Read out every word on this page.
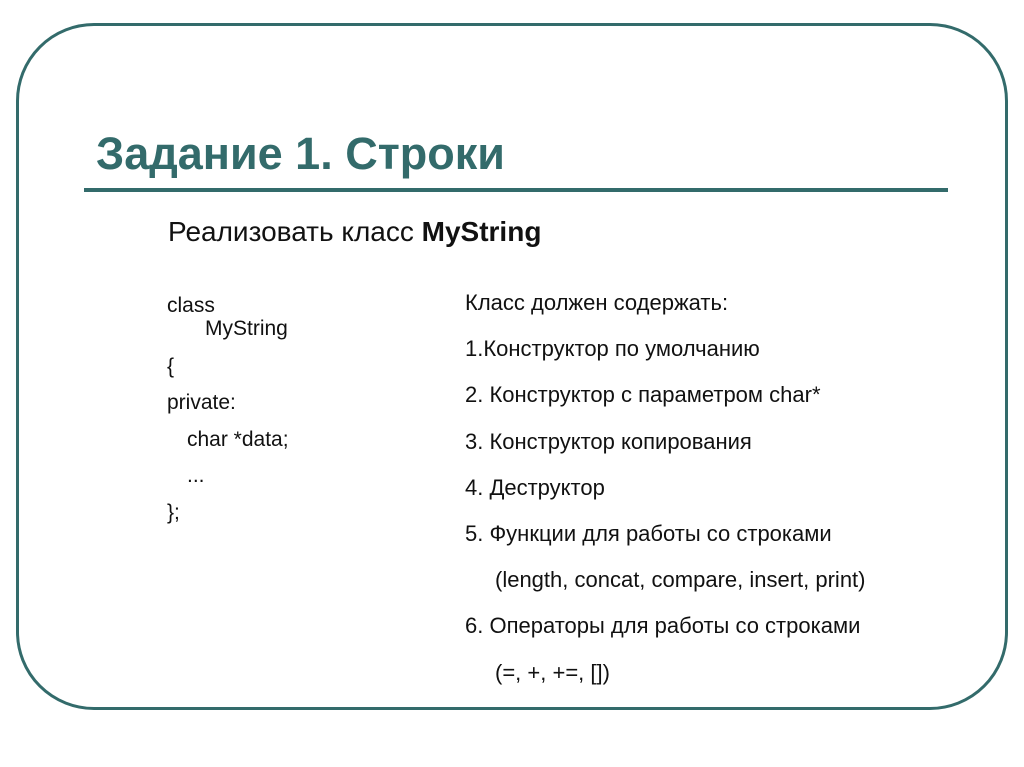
Задание 1. Строки
Реализовать класс MyString
class
MyString
{
private:
char *data;
...
};
Класс должен содержать:
1.Конструктор по умолчанию
2. Конструктор с параметром char*
3. Конструктор копирования
4. Деструктор
5. Функции для работы со строками
(length, concat, compare, insert, print)
6. Операторы для работы со строками
(=, +, +=, [])
